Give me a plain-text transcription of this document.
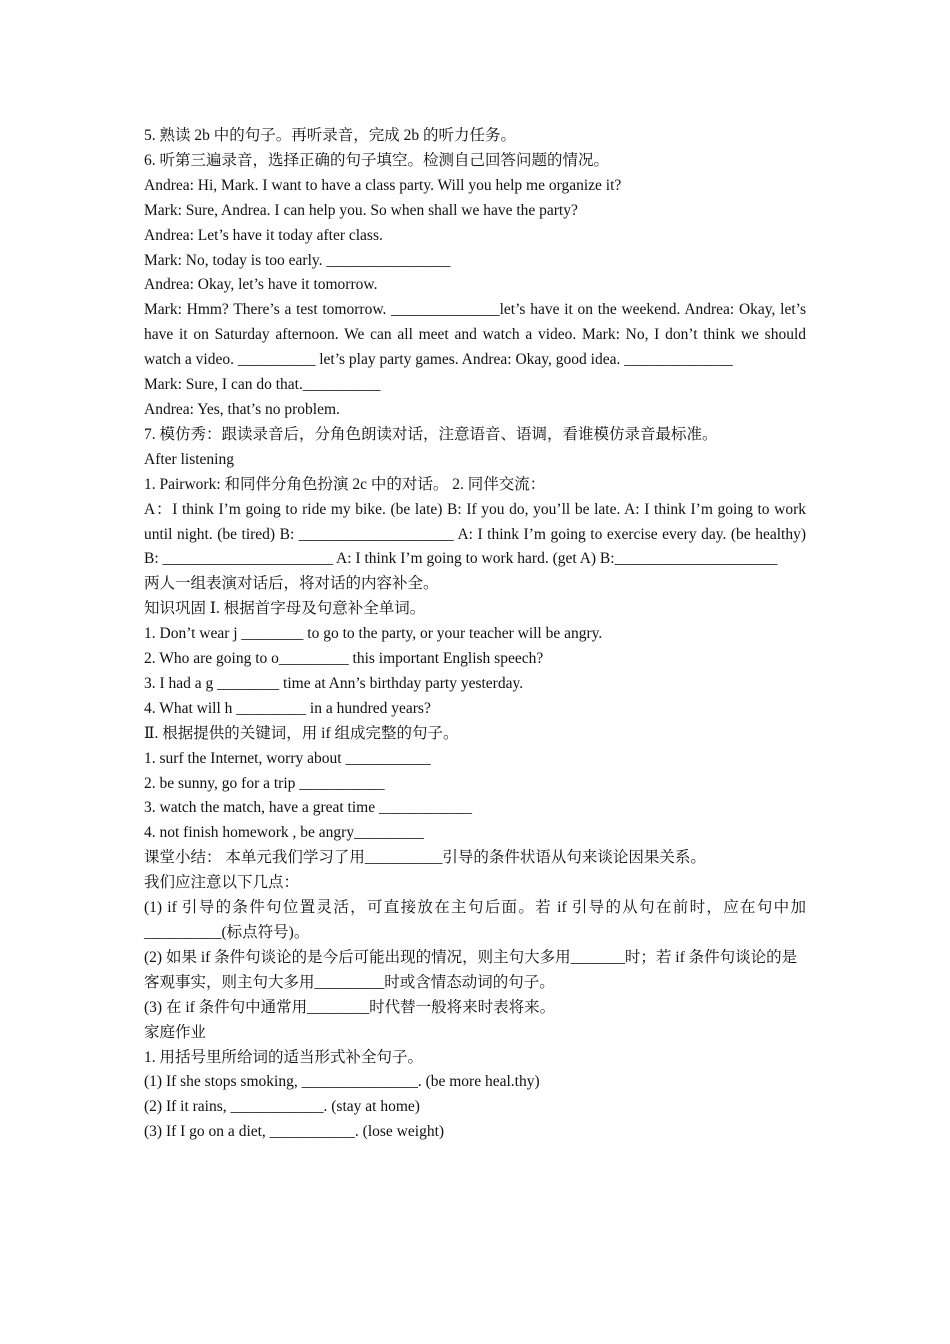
5. 熟读 2b 中的句子。再听录音，完成 2b 的听力任务。

6. 听第三遍录音，选择正确的句子填空。检测自己回答问题的情况。

Andrea: Hi, Mark. I want to have a class party. Will you help me organize it?

Mark: Sure, Andrea. I can help you. So when shall we have the party?

Andrea: Let’s have it today after class.

Mark: No, today is too early. ________________

Andrea: Okay, let’s have it tomorrow.

Mark: Hmm? There’s a test tomorrow. ______________let’s have it on the weekend. Andrea: Okay, let’s have it on Saturday afternoon. We can all meet and watch a video. Mark: No, I don’t think we should watch a video. __________ let’s play party games. Andrea: Okay, good idea. ______________

Mark: Sure, I can do that.__________

Andrea: Yes, that’s no problem.

7. 模仿秀：跟读录音后，分角色朗读对话，注意语音、语调，看谁模仿录音最标准。

After listening

1. Pairwork: 和同伴分角色扮演 2c 中的对话。 2. 同伴交流：

A：I think I’m going to ride my bike. (be late) B: If you do, you’ll be late. A: I think I’m going to work until night. (be tired) B: ____________________ A: I think I’m going to exercise every day. (be healthy) B: ______________________ A: I think I’m going to work hard. (get A) B:_____________________

两人一组表演对话后，将对话的内容补全。

知识巩固 Ⅰ. 根据首字母及句意补全单词。

1. Don’t wear j ________ to go to the party, or your teacher will be angry.

2. Who are going to o_________ this important English speech?

3. I had a g ________ time at Ann’s birthday party yesterday.

4. What will h _________ in a hundred years?

Ⅱ. 根据提供的关键词，用 if 组成完整的句子。

1. surf the Internet, worry about ___________

2. be sunny, go for a trip ___________

3. watch the match, have a great time ____________

4. not finish homework , be angry_________

课堂小结： 本单元我们学习了用__________引导的条件状语从句来谈论因果关系。

我们应注意以下几点：

(1) if 引导的条件句位置灵活，可直接放在主句后面。若 if 引导的从句在前时，应在句中加__________(标点符号)。

(2) 如果 if 条件句谈论的是今后可能出现的情况，则主句大多用_______时；若 if 条件句谈论的是

客观事实，则主句大多用_________时或含情态动词的句子。

(3) 在 if 条件句中通常用________时代替一般将来时表将来。

家庭作业

1. 用括号里所给词的适当形式补全句子。

(1) If she stops smoking, _______________. (be more heal.thy)

(2) If it rains, ____________. (stay at home)

(3) If I go on a diet, ___________. (lose weight)
